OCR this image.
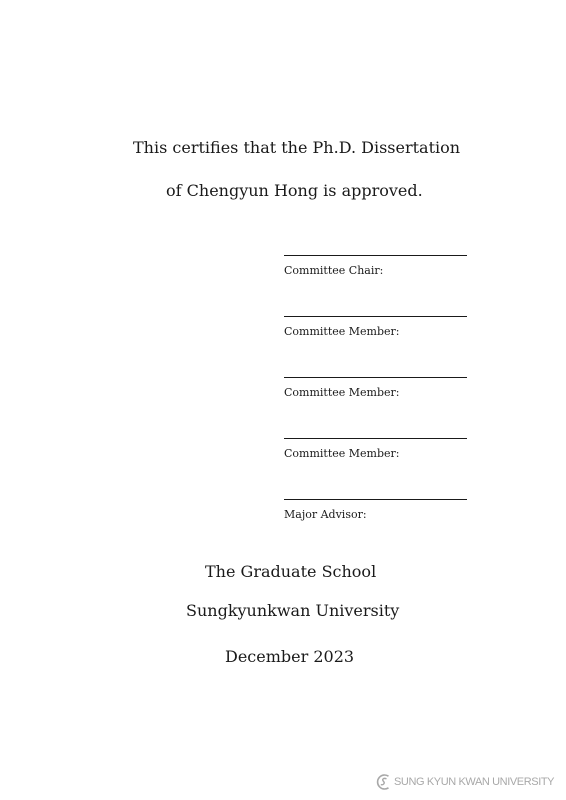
This certifies that the Ph.D. Dissertation
of Chengyun Hong is approved.
Committee Chair:
Committee Member:
Committee Member:
Committee Member:
Major Advisor:
The Graduate School
Sungkyunkwan University
December 2023
SUNG KYUN KWAN UNIVERSITY
